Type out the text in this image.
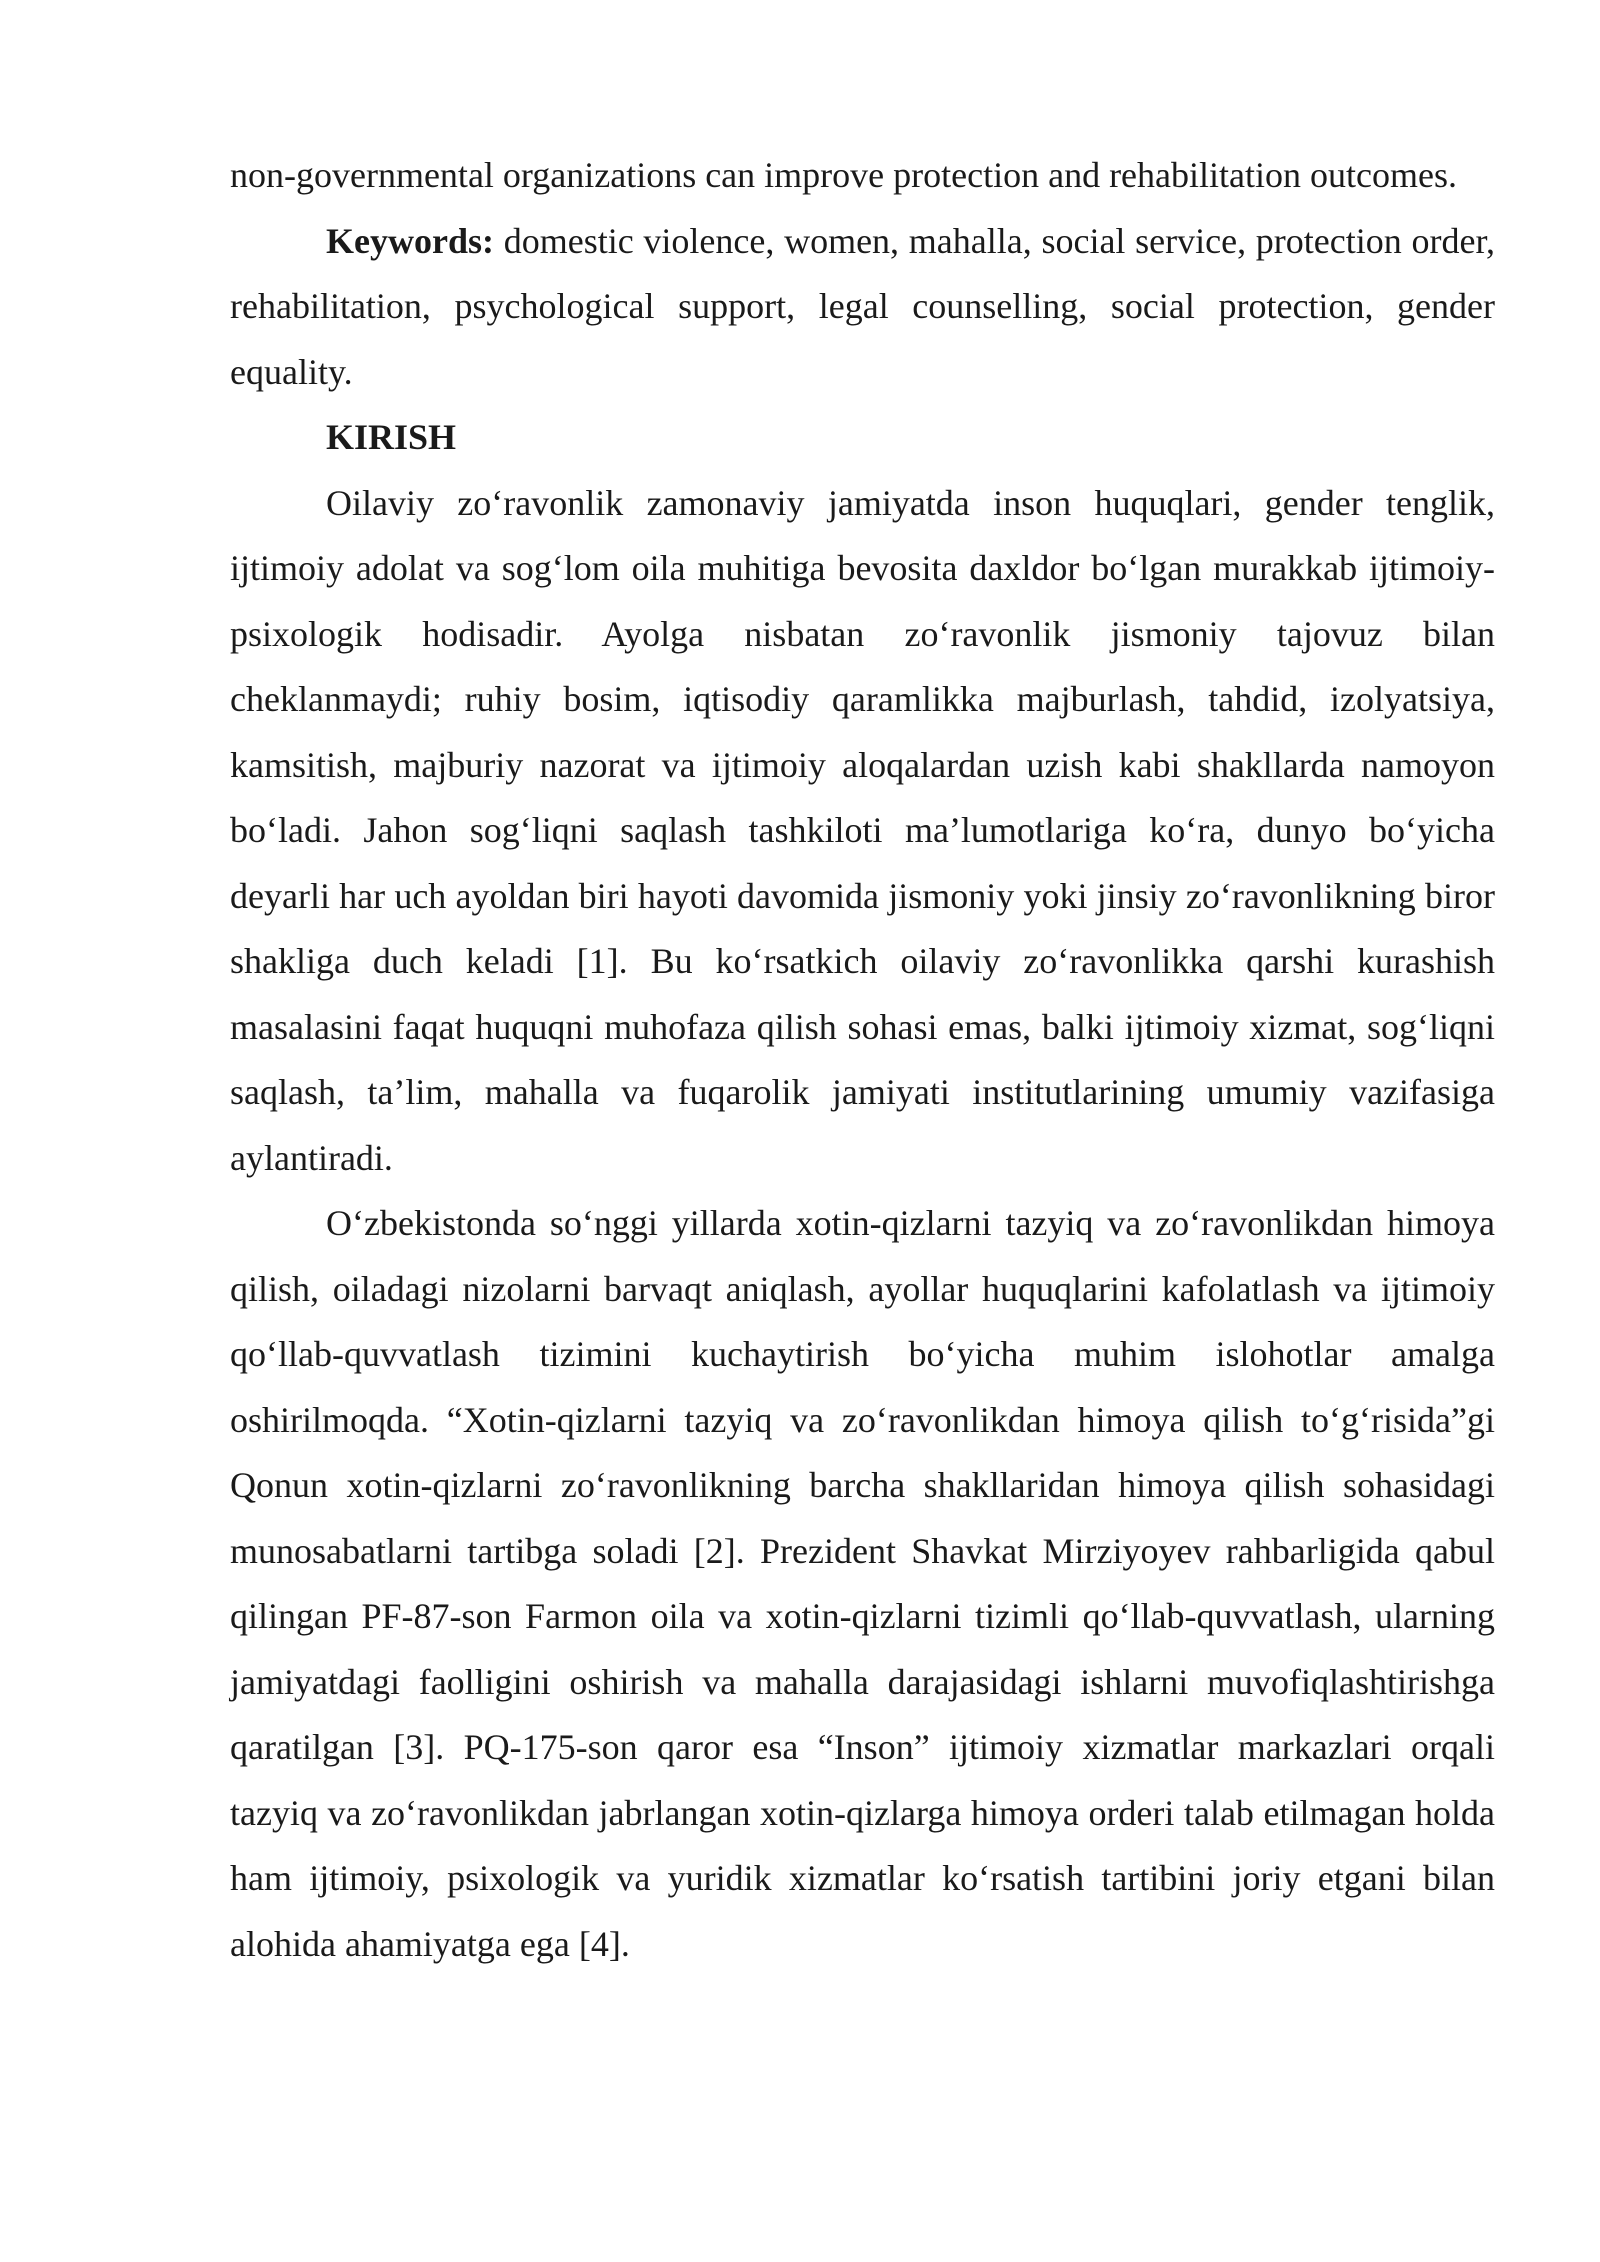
non-governmental organizations can improve protection and rehabilitation outcomes.

Keywords: domestic violence, women, mahalla, social service, protection order, rehabilitation, psychological support, legal counselling, social protection, gender equality.

KIRISH

Oilaviy zo‘ravonlik zamonaviy jamiyatda inson huquqlari, gender tenglik, ijtimoiy adolat va sog‘lom oila muhitiga bevosita daxldor bo‘lgan murakkab ijtimoiy-psixologik hodisadir. Ayolga nisbatan zo‘ravonlik jismoniy tajovuz bilan cheklanmaydi; ruhiy bosim, iqtisodiy qaramlikka majburlash, tahdid, izolyatsiya, kamsitish, majburiy nazorat va ijtimoiy aloqalardan uzish kabi shakllarda namoyon bo‘ladi. Jahon sog‘liqni saqlash tashkiloti ma’lumotlariga ko‘ra, dunyo bo‘yicha deyarli har uch ayoldan biri hayoti davomida jismoniy yoki jinsiy zo‘ravonlikning biror shakliga duch keladi [1]. Bu ko‘rsatkich oilaviy zo‘ravonlikka qarshi kurashish masalasini faqat huquqni muhofaza qilish sohasi emas, balki ijtimoiy xizmat, sog‘liqni saqlash, ta’lim, mahalla va fuqarolik jamiyati institutlarining umumiy vazifasiga aylantiradi.

O‘zbekistonda so‘nggi yillarda xotin-qizlarni tazyiq va zo‘ravonlikdan himoya qilish, oiladagi nizolarni barvaqt aniqlash, ayollar huquqlarini kafolatlash va ijtimoiy qo‘llab-quvvatlash tizimini kuchaytirish bo‘yicha muhim islohotlar amalga oshirilmoqda. “Xotin-qizlarni tazyiq va zo‘ravonlikdan himoya qilish to‘g‘risida”gi Qonun xotin-qizlarni zo‘ravonlikning barcha shakllaridan himoya qilish sohasidagi munosabatlarni tartibga soladi [2]. Prezident Shavkat Mirziyoyev rahbarligida qabul qilingan PF-87-son Farmon oila va xotin-qizlarni tizimli qo‘llab-quvvatlash, ularning jamiyatdagi faolligini oshirish va mahalla darajasidagi ishlarni muvofiqlashtirishga qaratilgan [3]. PQ-175-son qaror esa “Inson” ijtimoiy xizmatlar markazlari orqali tazyiq va zo‘ravonlikdan jabrlangan xotin-qizlarga himoya orderi talab etilmagan holda ham ijtimoiy, psixologik va yuridik xizmatlar ko‘rsatish tartibini joriy etgani bilan alohida ahamiyatga ega [4].
